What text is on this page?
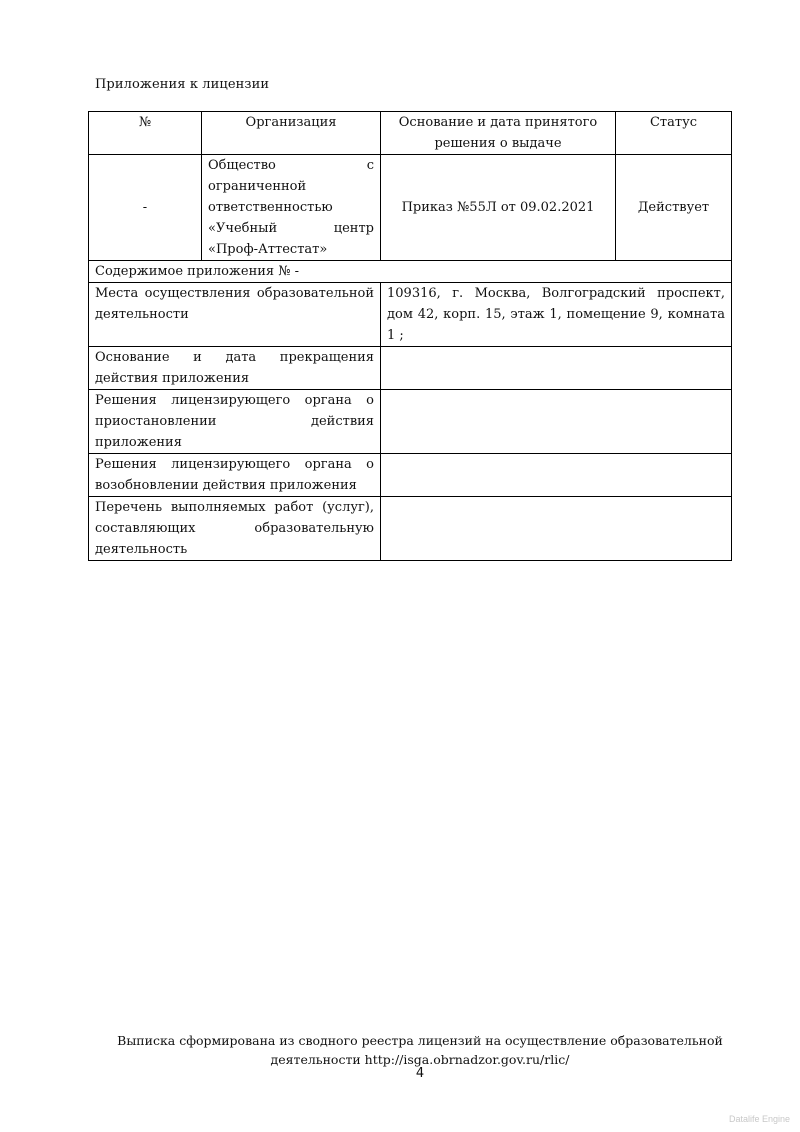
Приложения к лицензии
№	Организация	Основание и дата принятого решения о выдаче	Статус
-	Общество с ограниченной ответственностью «Учебный центр «Проф-Аттестат»	Приказ №55Л от 09.02.2021	Действует
Содержимое приложения № -			
Места осуществления образовательной деятельности		109316, г. Москва, Волгоградский проспект, дом 42, корп. 15, этаж 1, помещение 9, комната 1 ;	
Основание и дата прекращения действия приложения			
Решения лицензирующего органа о приостановлении действия приложения			
Решения лицензирующего органа о возобновлении действия приложения			
Перечень выполняемых работ (услуг), составляющих образовательную деятельность			
Выписка сформирована из сводного реестра лицензий на осуществление образовательной
деятельности http://isga.obrnadzor.gov.ru/rlic/
4
Datalife Engine
